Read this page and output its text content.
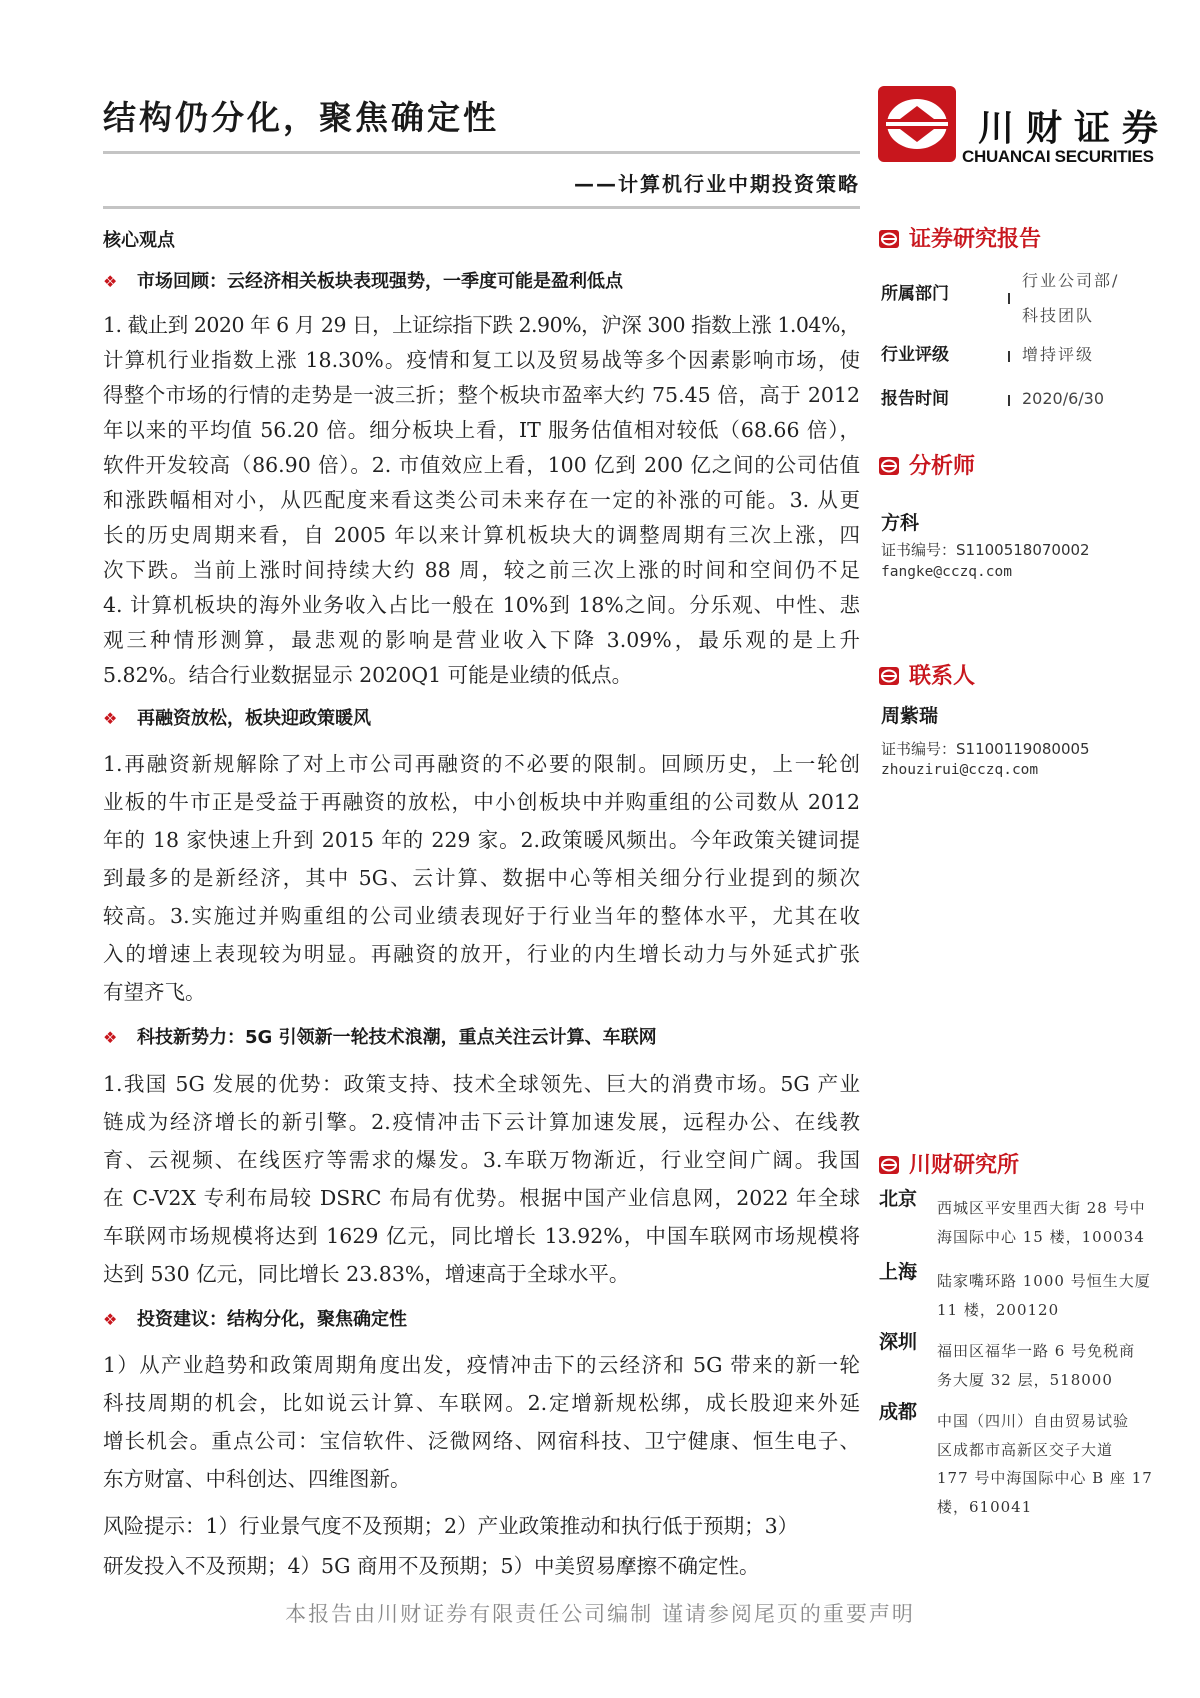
结构仍分化，聚焦确定性
——计算机行业中期投资策略
核心观点
❖ 市场回顾：云经济相关板块表现强势，一季度可能是盈利低点
❖ 再融资放松，板块迎政策暖风
❖ 科技新势力：5G 引领新一轮技术浪潮，重点关注云计算、车联网
❖ 投资建议：结构分化，聚焦确定性
1. 截止到 2020 年 6 月 29 日，上证综指下跌 2.90%，沪深 300 指数上涨 1.04%，
计算机行业指数上涨 18.30%。疫情和复工以及贸易战等多个因素影响市场，使
得整个市场的行情的走势是一波三折；整个板块市盈率大约 75.45 倍，高于 2012
年以来的平均值 56.20 倍。细分板块上看，IT 服务估值相对较低（68.66 倍），
软件开发较高（86.90 倍）。2. 市值效应上看，100 亿到 200 亿之间的公司估值
和涨跌幅相对小，从匹配度来看这类公司未来存在一定的补涨的可能。3. 从更
长的历史周期来看，自 2005 年以来计算机板块大的调整周期有三次上涨，四
次下跌。当前上涨时间持续大约 88 周，较之前三次上涨的时间和空间仍不足
4. 计算机板块的海外业务收入占比一般在 10%到 18%之间。分乐观、中性、悲
观三种情形测算，最悲观的影响是营业收入下降 3.09%，最乐观的是上升
5.82%。结合行业数据显示 2020Q1 可能是业绩的低点。
1.再融资新规解除了对上市公司再融资的不必要的限制。回顾历史，上一轮创
业板的牛市正是受益于再融资的放松，中小创板块中并购重组的公司数从 2012
年的 18 家快速上升到 2015 年的 229 家。2.政策暖风频出。今年政策关键词提
到最多的是新经济，其中 5G、云计算、数据中心等相关细分行业提到的频次
较高。3.实施过并购重组的公司业绩表现好于行业当年的整体水平，尤其在收
入的增速上表现较为明显。再融资的放开，行业的内生增长动力与外延式扩张
有望齐飞。
1.我国 5G 发展的优势：政策支持、技术全球领先、巨大的消费市场。5G 产业
链成为经济增长的新引擎。2.疫情冲击下云计算加速发展，远程办公、在线教
育、云视频、在线医疗等需求的爆发。3.车联万物渐近，行业空间广阔。我国
在 C-V2X 专利布局较 DSRC 布局有优势。根据中国产业信息网，2022 年全球
车联网市场规模将达到 1629 亿元，同比增长 13.92%，中国车联网市场规模将
达到 530 亿元，同比增长 23.83%，增速高于全球水平。
1）从产业趋势和政策周期角度出发，疫情冲击下的云经济和 5G 带来的新一轮
科技周期的机会，比如说云计算、车联网。2.定增新规松绑，成长股迎来外延
增长机会。重点公司：宝信软件、泛微网络、网宿科技、卫宁健康、恒生电子、
东方财富、中科创达、四维图新。
风险提示：1）行业景气度不及预期；2）产业政策推动和执行低于预期；3）
研发投入不及预期；4）5G 商用不及预期；5）中美贸易摩擦不确定性。
本报告由川财证券有限责任公司编制 谨请参阅尾页的重要声明
川财证券
CHUANCAI SECURITIES
证券研究报告
所属部门
行业公司部/
科技团队
行业评级	增持评级
报告时间	2020/6/30
分析师
方科
证书编号：S1100518070002
fangke@cczq.com
联系人
周紫瑞
证书编号：S1100119080005
zhouzirui@cczq.com
川财研究所
北京 西城区平安里西大街 28 号中
海国际中心 15 楼，100034
上海 陆家嘴环路 1000 号恒生大厦
11 楼，200120
深圳 福田区福华一路 6 号免税商
务大厦 32 层，518000
成都 中国（四川）自由贸易试验
区成都市高新区交子大道
177 号中海国际中心 B 座 17
楼，610041
